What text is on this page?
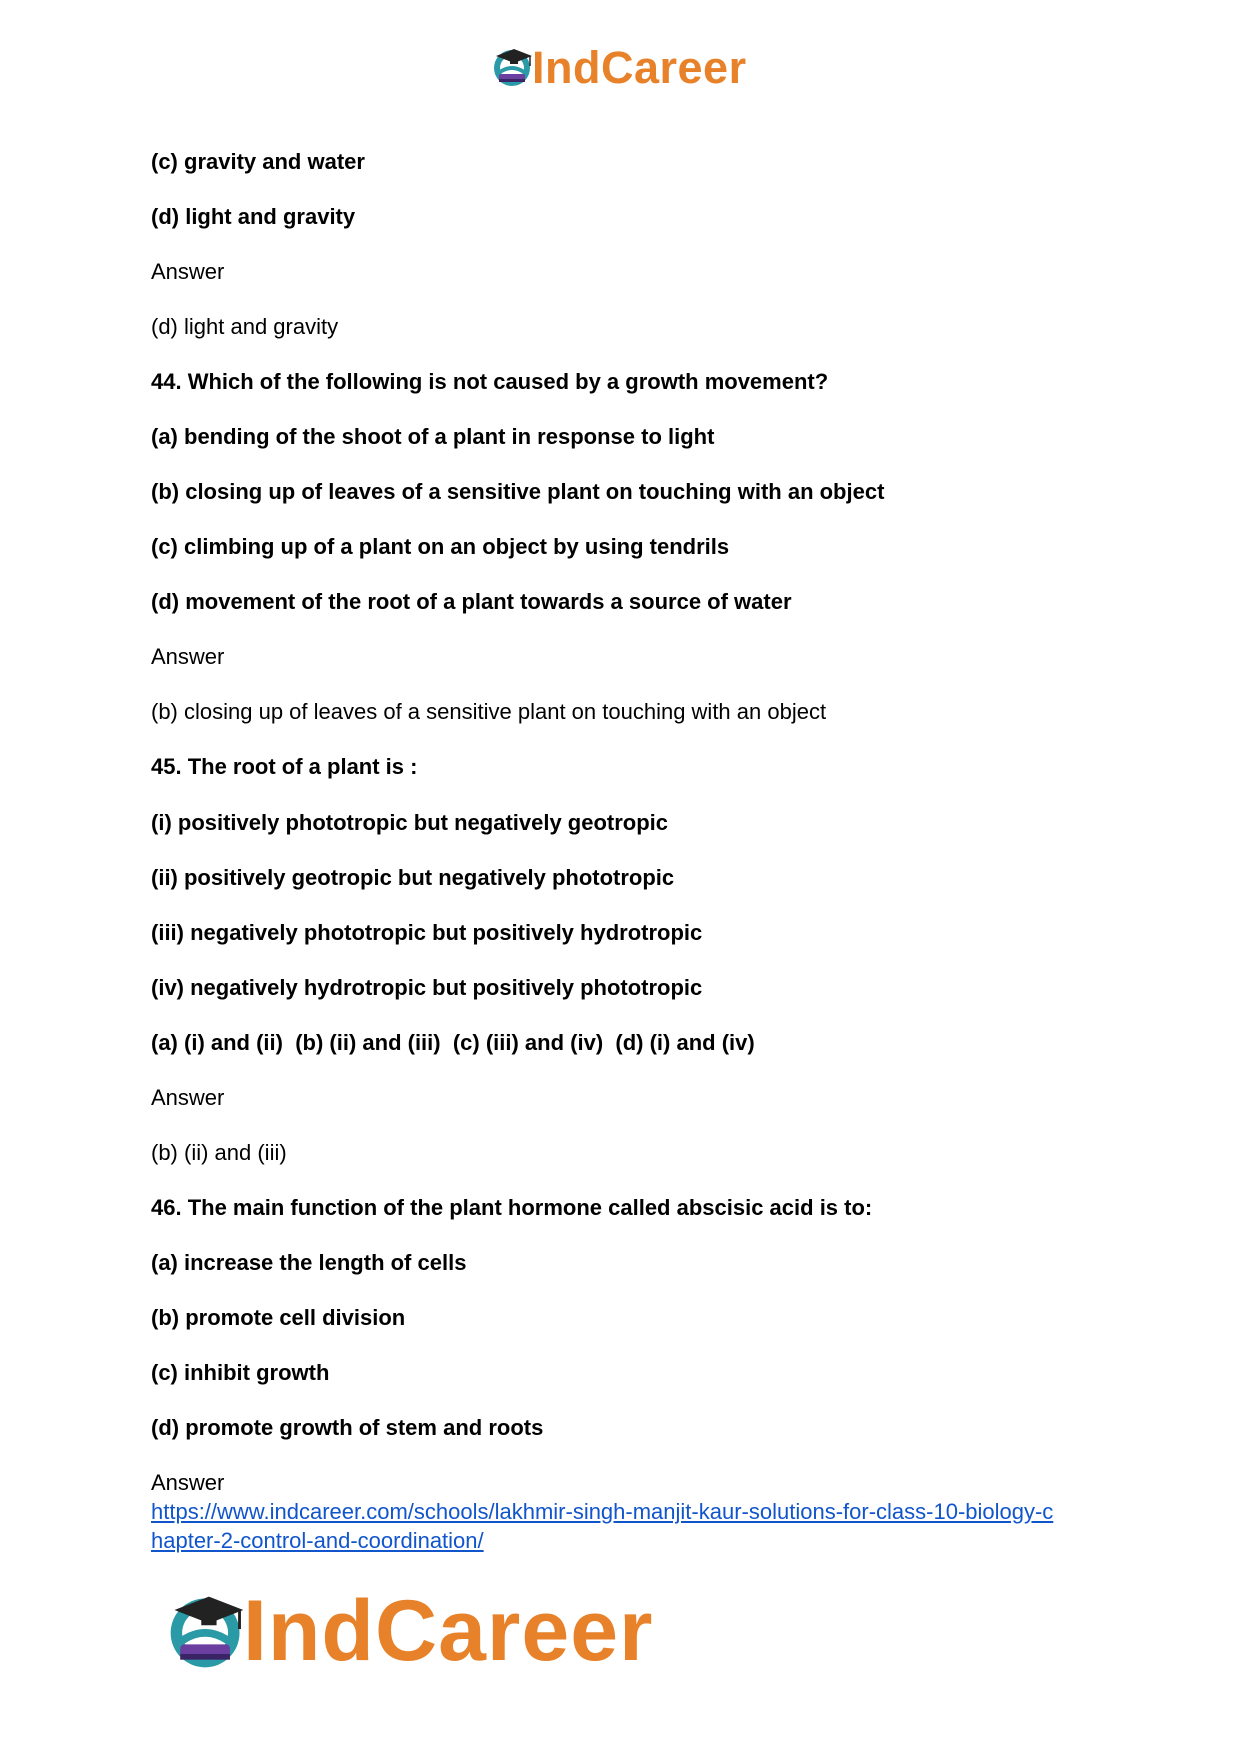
IndCareer
(c) gravity and water
(d) light and gravity
Answer
(d) light and gravity
44. Which of the following is not caused by a growth movement?
(a) bending of the shoot of a plant in response to light
(b) closing up of leaves of a sensitive plant on touching with an object
(c) climbing up of a plant on an object by using tendrils
(d) movement of the root of a plant towards a source of water
Answer
(b) closing up of leaves of a sensitive plant on touching with an object
45. The root of a plant is :
(i) positively phototropic but negatively geotropic
(ii) positively geotropic but negatively phototropic
(iii) negatively phototropic but positively hydrotropic
(iv) negatively hydrotropic but positively phototropic
(a) (i) and (ii)  (b) (ii) and (iii)  (c) (iii) and (iv)  (d) (i) and (iv)
Answer
(b) (ii) and (iii)
46. The main function of the plant hormone called abscisic acid is to:
(a) increase the length of cells
(b) promote cell division
(c) inhibit growth
(d) promote growth of stem and roots
Answer
https://www.indcareer.com/schools/lakhmir-singh-manjit-kaur-solutions-for-class-10-biology-c
hapter-2-control-and-coordination/
IndCareer
